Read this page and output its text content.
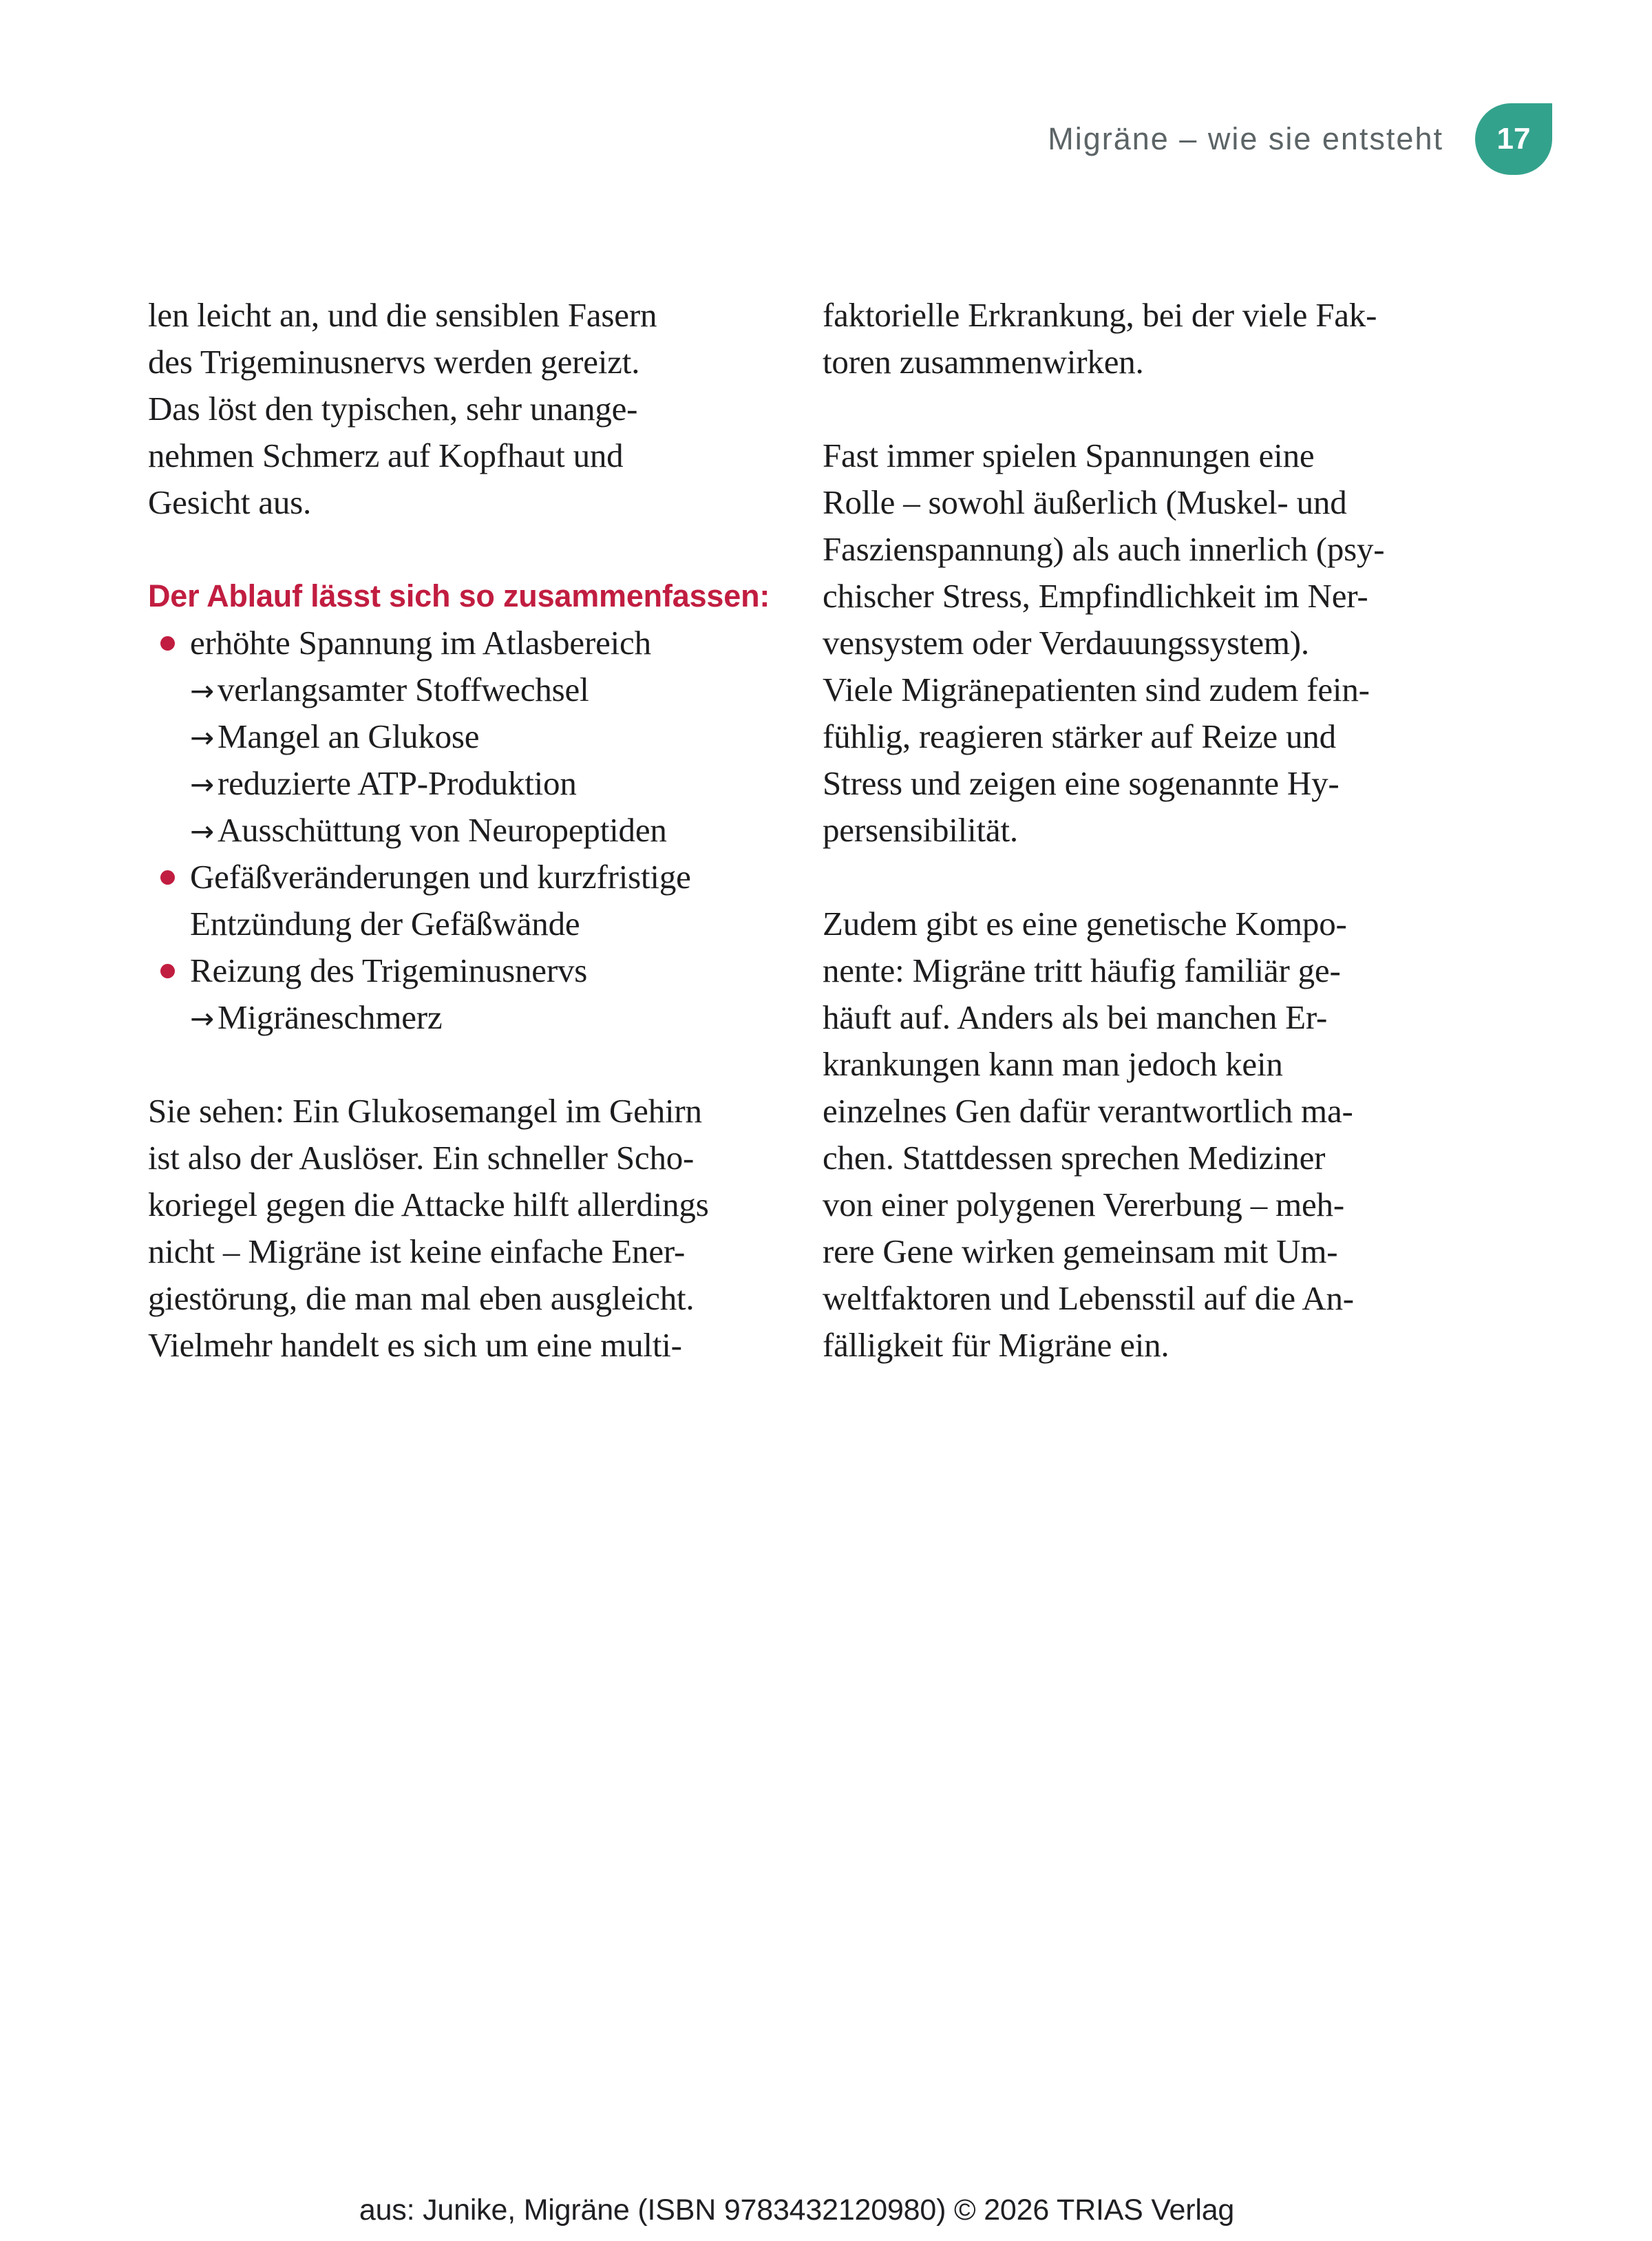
Migräne – wie sie entsteht	17
len leicht an, und die sensiblen Fasern
des Trigeminusnervs werden gereizt.
Das löst den typischen, sehr unange-
nehmen Schmerz auf Kopfhaut und
Gesicht aus.
Der Ablauf lässt sich so zusammenfassen:
erhöhte Spannung im Atlasbereich
→ verlangsamter Stoffwechsel
→ Mangel an Glukose
→ reduzierte ATP-Produktion
→ Ausschüttung von Neuropeptiden
Gefäßveränderungen und kurzfristige
Entzündung der Gefäßwände
Reizung des Trigeminusnervs
→ Migräneschmerz
Sie sehen: Ein Glukosemangel im Gehirn
ist also der Auslöser. Ein schneller Scho-
koriegel gegen die Attacke hilft allerdings
nicht – Migräne ist keine einfache Ener-
giestörung, die man mal eben ausgleicht.
Vielmehr handelt es sich um eine multi-
faktorielle Erkrankung, bei der viele Fak-
toren zusammenwirken.
Fast immer spielen Spannungen eine
Rolle – sowohl äußerlich (Muskel- und
Faszienspannung) als auch innerlich (psy-
chischer Stress, Empfindlichkeit im Ner-
vensystem oder Verdauungssystem).
Viele Migränepatienten sind zudem fein-
fühlig, reagieren stärker auf Reize und
Stress und zeigen eine sogenannte Hy-
persensibilität.
Zudem gibt es eine genetische Kompo-
nente: Migräne tritt häufig familiär ge-
häuft auf. Anders als bei manchen Er-
krankungen kann man jedoch kein
einzelnes Gen dafür verantwortlich ma-
chen. Stattdessen sprechen Mediziner
von einer polygenen Vererbung – meh-
rere Gene wirken gemeinsam mit Um-
weltfaktoren und Lebensstil auf die An-
fälligkeit für Migräne ein.
aus: Junike, Migräne (ISBN 9783432120980) © 2026 TRIAS Verlag
